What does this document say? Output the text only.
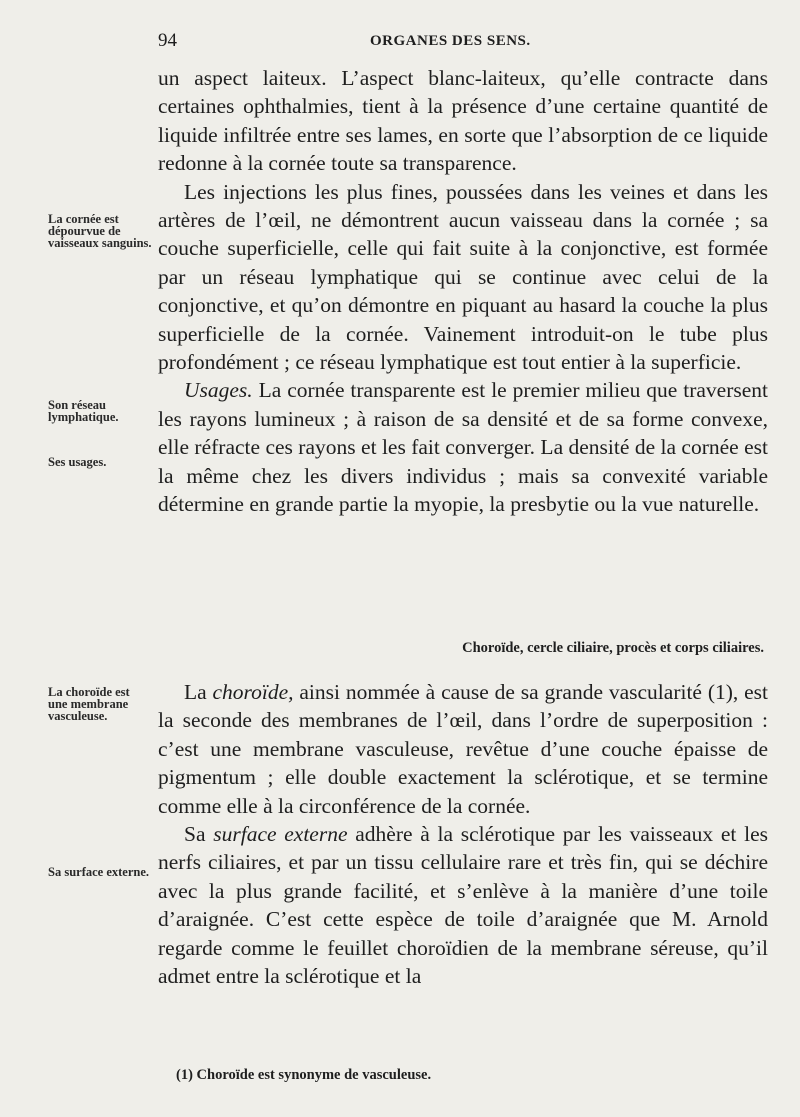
94	ORGANES DES SENS.
La cornée est dépourvue de vaisseaux sanguins.
Son réseau lymphatique.
Ses usages.
La choroïde est une membrane vasculeuse.
Sa surface externe.

un aspect laiteux. L’aspect blanc-laiteux, qu’elle contracte dans certaines ophthalmies, tient à la présence d’une certaine quantité de liquide infiltrée entre ses lames, en sorte que l’absorption de ce liquide redonne à la cornée toute sa transparence.

Les injections les plus fines, poussées dans les veines et dans les artères de l’œil, ne démontrent aucun vaisseau dans la cornée ; sa couche superficielle, celle qui fait suite à la conjonctive, est formée par un réseau lymphatique qui se continue avec celui de la conjonctive, et qu’on démontre en piquant au hasard la couche la plus superficielle de la cornée. Vainement introduit-on le tube plus profondément ; ce réseau lymphatique est tout entier à la superficie.

Usages. La cornée transparente est le premier milieu que traversent les rayons lumineux ; à raison de sa densité et de sa forme convexe, elle réfracte ces rayons et les fait converger. La densité de la cornée est la même chez les divers individus ; mais sa convexité variable détermine en grande partie la myopie, la presbytie ou la vue naturelle.

Choroïde, cercle ciliaire, procès et corps ciliaires.

La choroïde, ainsi nommée à cause de sa grande vascularité (1), est la seconde des membranes de l’œil, dans l’ordre de superposition : c’est une membrane vasculeuse, revêtue d’une couche épaisse de pigmentum ; elle double exactement la sclérotique, et se termine comme elle à la circonférence de la cornée.

Sa surface externe adhère à la sclérotique par les vaisseaux et les nerfs ciliaires, et par un tissu cellulaire rare et très fin, qui se déchire avec la plus grande facilité, et s’enlève à la manière d’une toile d’araignée. C’est cette espèce de toile d’araignée que M. Arnold regarde comme le feuillet choroïdien de la membrane séreuse, qu’il admet entre la sclérotique et la

(1) Choroïde est synonyme de vasculeuse.
